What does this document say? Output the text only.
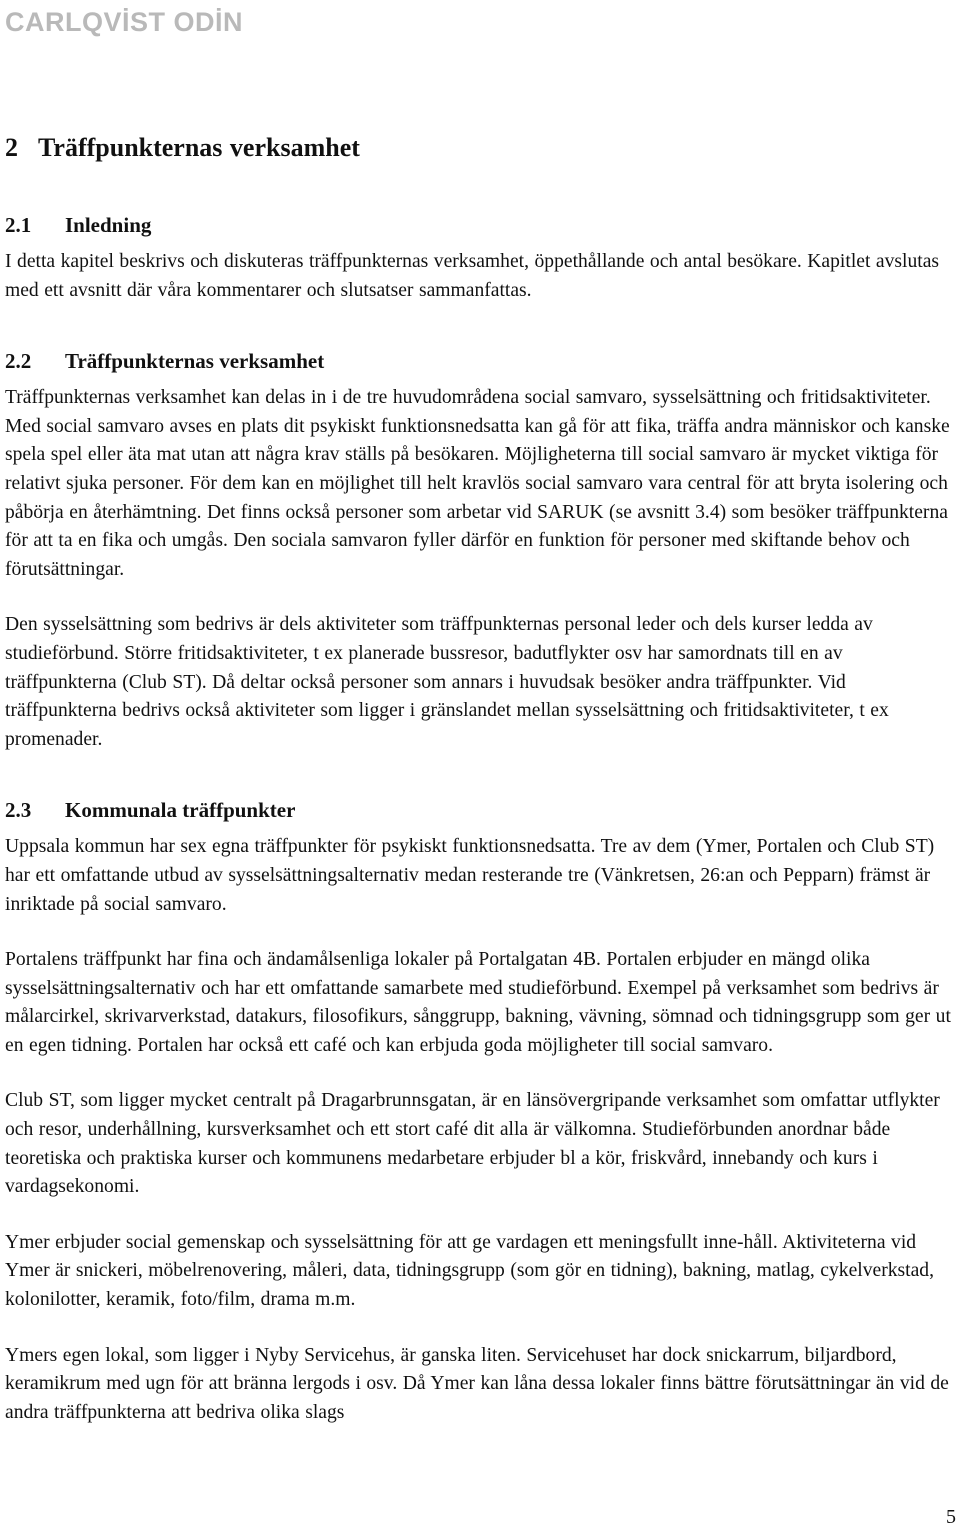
CARLQVİST ODİN
2 Träffpunkternas verksamhet
2.1 Inledning

I detta kapitel beskrivs och diskuteras träffpunkternas verksamhet, öppethållande och antal besökare. Kapitlet avslutas med ett avsnitt där våra kommentarer och slutsatser sammanfattas.

2.2 Träffpunkternas verksamhet

Träffpunkternas verksamhet kan delas in i de tre huvudområdena social samvaro, sysselsättning och fritidsaktiviteter. Med social samvaro avses en plats dit psykiskt funktionsnedsatta kan gå för att fika, träffa andra människor och kanske spela spel eller äta mat utan att några krav ställs på besökaren. Möjligheterna till social samvaro är mycket viktiga för relativt sjuka personer. För dem kan en möjlighet till helt kravlös social samvaro vara central för att bryta isolering och påbörja en återhämtning. Det finns också personer som arbetar vid SARUK (se avsnitt 3.4) som besöker träffpunkterna för att ta en fika och umgås. Den sociala samvaron fyller därför en funktion för personer med skiftande behov och förutsättningar.

Den sysselsättning som bedrivs är dels aktiviteter som träffpunkternas personal leder och dels kurser ledda av studieförbund. Större fritidsaktiviteter, t ex planerade bussresor, badutflykter osv har samordnats till en av träffpunkterna (Club ST). Då deltar också personer som annars i huvudsak besöker andra träffpunkter. Vid träffpunkterna bedrivs också aktiviteter som ligger i gränslandet mellan sysselsättning och fritidsaktiviteter, t ex promenader.

2.3 Kommunala träffpunkter

Uppsala kommun har sex egna träffpunkter för psykiskt funktionsnedsatta. Tre av dem (Ymer, Portalen och Club ST) har ett omfattande utbud av sysselsättningsalternativ medan resterande tre (Vänkretsen, 26:an och Pepparn) främst är inriktade på social samvaro.

Portalens träffpunkt har fina och ändamålsenliga lokaler på Portalgatan 4B. Portalen erbjuder en mängd olika sysselsättningsalternativ och har ett omfattande samarbete med studieförbund. Exempel på verksamhet som bedrivs är målarcirkel, skrivarverkstad, datakurs, filosofikurs, sånggrupp, bakning, vävning, sömnad och tidningsgrupp som ger ut en egen tidning. Portalen har också ett café och kan erbjuda goda möjligheter till social samvaro.

Club ST, som ligger mycket centralt på Dragarbrunnsgatan, är en länsövergripande verksamhet som omfattar utflykter och resor, underhållning, kursverksamhet och ett stort café dit alla är välkomna. Studieförbunden anordnar både teoretiska och praktiska kurser och kommunens medarbetare erbjuder bl a kör, friskvård, innebandy och kurs i vardagsekonomi.

Ymer erbjuder social gemenskap och sysselsättning för att ge vardagen ett meningsfullt inne-håll. Aktiviteterna vid Ymer är snickeri, möbelrenovering, måleri, data, tidningsgrupp (som gör en tidning), bakning, matlag, cykelverkstad, kolonilotter, keramik, foto/film, drama m.m.

Ymers egen lokal, som ligger i Nyby Servicehus, är ganska liten. Servicehuset har dock snickarrum, biljardbord, keramikrum med ugn för att bränna lergods i osv. Då Ymer kan låna dessa lokaler finns bättre förutsättningar än vid de andra träffpunkterna att bedriva olika slags

5
